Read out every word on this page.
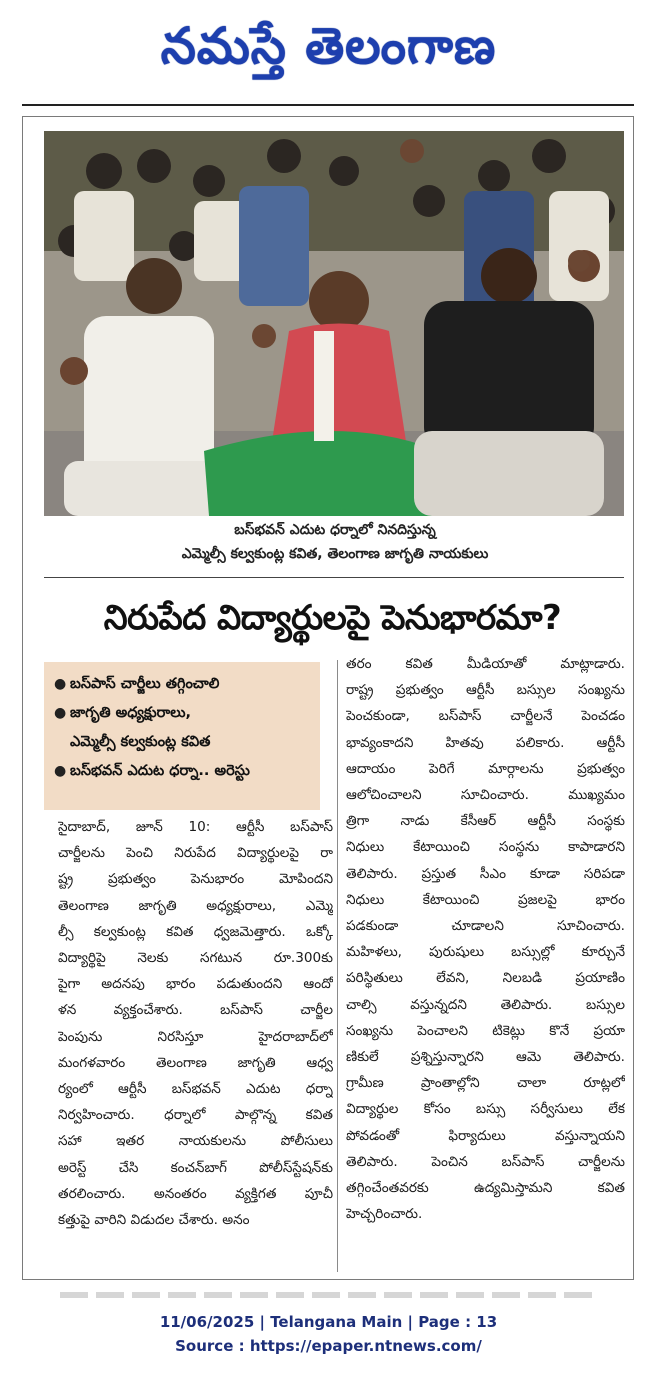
నమస్తే తెలంగాణ
బస్‌భవన్ ఎదుట ధర్నాలో నినదిస్తున్న
ఎమ్మెల్సీ కల్వకుంట్ల కవిత, తెలంగాణ జాగృతి నాయకులు
నిరుపేద విద్యార్థులపై పెనుభారమా?
● బస్‌పాస్‌ చార్జీలు తగ్గించాలి
● జాగృతి అధ్యక్షురాలు,
ఎమ్మెల్సీ కల్వకుంట్ల కవిత
● బస్‌భవన్ ఎదుట ధర్నా.. అరెస్టు
సైదాబాద్, జూన్ 10: ఆర్టీసీ బస్‌పాస్
చార్జీలను పెంచి నిరుపేద విద్యార్థులపై రా
ష్ట్ర ప్రభుత్వం పెనుభారం మోపిందని
తెలంగాణ జాగృతి అధ్యక్షురాలు, ఎమ్మె
ల్సీ కల్వకుంట్ల కవిత ధ్వజమెత్తారు. ఒక్కో
విద్యార్థిపై నెలకు సగటున రూ.300కు
పైగా అదనపు భారం పడుతుందని ఆందో
ళన వ్యక్తంచేశారు. బస్‌పాస్ చార్జీల
పెంపును నిరసిస్తూ హైదరాబాద్‌లో
మంగళవారం తెలంగాణ జాగృతి ఆధ్వ
ర్యంలో ఆర్టీసీ బస్‌భవన్ ఎదుట ధర్నా
నిర్వహించారు. ధర్నాలో పాల్గొన్న కవిత
సహా ఇతర నాయకులను పోలీసులు
అరెస్ట్ చేసి కంచన్‌బాగ్ పోలీస్‌స్టేషన్‌కు
తరలించారు. అనంతరం వ్యక్తిగత పూచీ
కత్తుపై వారిని విడుదల చేశారు. అనం
తరం కవిత మీడియాతో మాట్లాడారు.
రాష్ట్ర ప్రభుత్వం ఆర్టీసీ బస్సుల సంఖ్యను
పెంచకుండా, బస్‌పాస్ చార్జీలనే పెంచడం
భావ్యంకాదని హితవు పలికారు. ఆర్టీసీ
ఆదాయం పెరిగే మార్గాలను ప్రభుత్వం
ఆలోచించాలని సూచించారు. ముఖ్యమం
త్రిగా నాడు కేసీఆర్ ఆర్టీసీ సంస్థకు
నిధులు కేటాయించి సంస్థను కాపాడారని
తెలిపారు. ప్రస్తుత సీఎం కూడా సరిపడా
నిధులు కేటాయించి ప్రజలపై భారం
పడకుండా చూడాలని సూచించారు.
మహిళలు, పురుషులు బస్సుల్లో కూర్చునే
పరిస్థితులు లేవని, నిలబడి ప్రయాణిం
చాల్సి వస్తున్నదని తెలిపారు. బస్సుల
సంఖ్యను పెంచాలని టికెట్లు కొనే ప్రయా
ణికులే ప్రశ్నిస్తున్నారని ఆమె తెలిపారు.
గ్రామీణ ప్రాంతాల్లోని చాలా రూట్లలో
విద్యార్థుల కోసం బస్సు సర్వీసులు లేక
పోవడంతో ఫిర్యాదులు వస్తున్నాయని
తెలిపారు. పెంచిన బస్‌పాస్ చార్జీలను
తగ్గించేంతవరకు ఉద్యమిస్తామని కవిత
హెచ్చరించారు.
11/06/2025 | Telangana Main | Page : 13
Source : https://epaper.ntnews.com/
